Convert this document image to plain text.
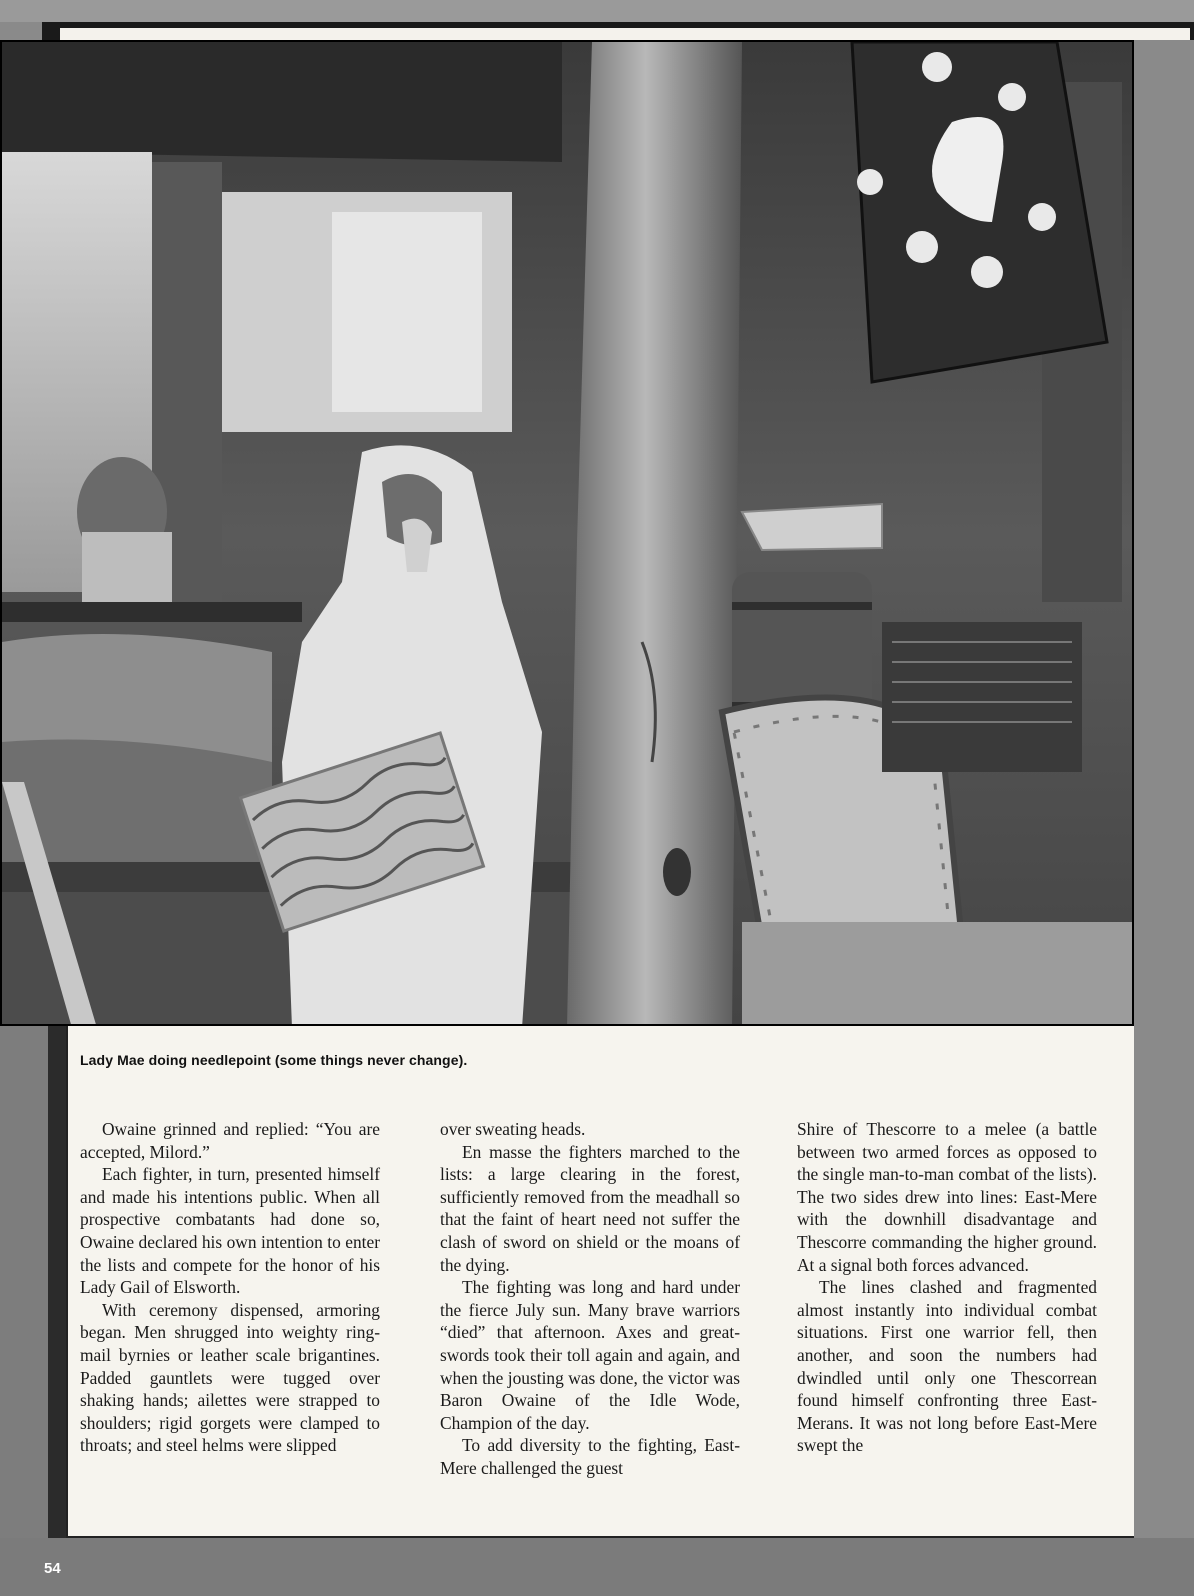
Lady Mae doing needlepoint (some things never change).

Owaine grinned and replied: “You are accepted, Milord.”

Each fighter, in turn, presented himself and made his intentions public. When all prospective combatants had done so, Owaine declared his own intention to enter the lists and compete for the honor of his Lady Gail of Elsworth.

With ceremony dispensed, armoring began. Men shrugged into weighty ring-mail byrnies or leather scale brigantines. Padded gauntlets were tugged over shaking hands; ailettes were strapped to shoulders; rigid gorgets were clamped to throats; and steel helms were slipped

over sweating heads.

En masse the fighters marched to the lists: a large clearing in the forest, sufficiently removed from the meadhall so that the faint of heart need not suffer the clash of sword on shield or the moans of the dying.

The fighting was long and hard under the fierce July sun. Many brave warriors “died” that afternoon. Axes and great-swords took their toll again and again, and when the jousting was done, the victor was Baron Owaine of the Idle Wode, Champion of the day.

To add diversity to the fighting, East-Mere challenged the guest

Shire of Thescorre to a melee (a battle between two armed forces as opposed to the single man-to-man combat of the lists). The two sides drew into lines: East-Mere with the downhill disadvantage and Thescorre commanding the higher ground. At a signal both forces advanced.

The lines clashed and fragmented almost instantly into individual combat situations. First one warrior fell, then another, and soon the numbers had dwindled until only one Thescorrean found himself confronting three East-Merans. It was not long before East-Mere swept the

54
